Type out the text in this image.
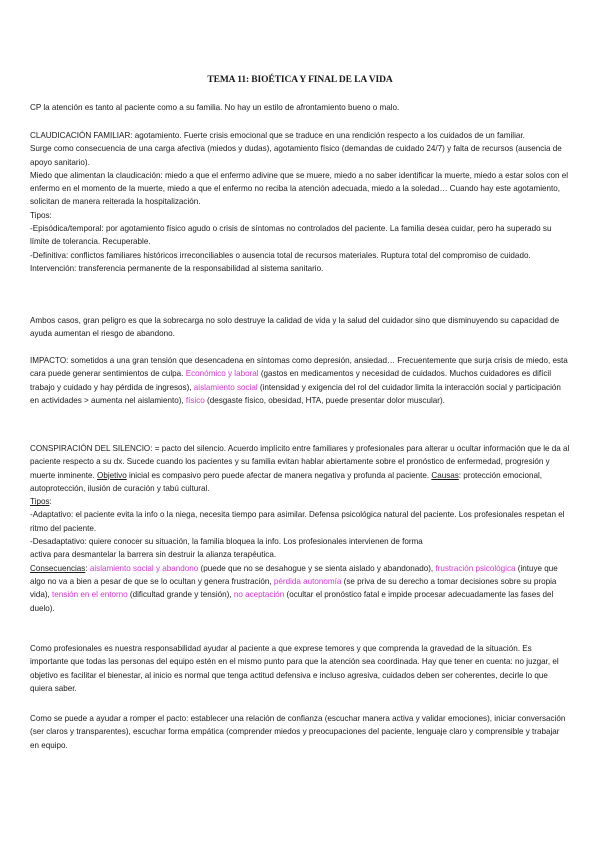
TEMA 11: BIOÉTICA Y FINAL DE LA VIDA
CP la atención es tanto al paciente como a su familia. No hay un estilo de afrontamiento bueno o malo.

CLAUDICACIÓN FAMILIAR: agotamiento. Fuerte crisis emocional que se traduce en una rendición respecto a los cuidados de un familiar.

Surge como consecuencia de una carga afectiva (miedos y dudas), agotamiento físico (demandas de cuidado 24/7) y falta de recursos (ausencia de apoyo sanitario).

Miedo que alimentan la claudicación: miedo a que el enfermo adivine que se muere, miedo a no saber identificar la muerte, miedo a estar solos con el enfermo en el momento de la muerte, miedo a que el enfermo no reciba la atención adecuada, miedo a la soledad… Cuando hay este agotamiento, solicitan de manera reiterada la hospitalización.

Tipos:

-Episódica/temporal: por agotamiento físico agudo o crisis de síntomas no controlados del paciente. La familia desea cuidar, pero ha superado su límite de tolerancia. Recuperable.

-Definitiva: conflictos familiares históricos irreconciliables o ausencia total de recursos materiales. Ruptura total del compromiso de cuidado. Intervención: transferencia permanente de la responsabilidad al sistema sanitario.

Ambos casos, gran peligro es que la sobrecarga no solo destruye la calidad de vida y la salud del cuidador sino que disminuyendo su capacidad de ayuda aumentan el riesgo de abandono.
IMPACTO: sometidos a una gran tensión que desencadena en síntomas como depresión, ansiedad… Frecuentemente que surja crisis de miedo, esta cara puede generar sentimientos de culpa. Económico y laboral (gastos en medicamentos y necesidad de cuidados. Muchos cuidadores es difícil trabajo y cuidado y hay pérdida de ingresos), aislamiento social (intensidad y exigencia del rol del cuidador limita la interacción social y participación en actividades > aumenta nel aislamiento), físico (desgaste físico, obesidad, HTA, puede presentar dolor muscular).

CONSPIRACIÓN DEL SILENCIO: = pacto del silencio. Acuerdo implícito entre familiares y profesionales para alterar u ocultar información que le da al paciente respecto a su dx. Sucede cuando los pacientes y su familia evitan hablar abiertamente sobre el pronóstico de enfermedad, progresión y muerte inminente. Objetivo inicial es compasivo pero puede afectar de manera negativa y profunda al paciente. Causas: protección emocional, autoprotección, ilusión de curación y tabú cultural.

Tipos:

-Adaptativo: el paciente evita la info o la niega, necesita tiempo para asimilar. Defensa psicológica natural del paciente. Los profesionales respetan el ritmo del paciente.

-Desadaptativo: quiere conocer su situación, la familia bloquea la info. Los profesionales intervienen de forma

activa para desmantelar la barrera sin destruir la alianza terapéutica.

Consecuencias: aislamiento social y abandono (puede que no se desahogue y se sienta aislado y abandonado), frustración psicológica (intuye que algo no va a bien a pesar de que se lo ocultan y genera frustración, pérdida autonomía (se priva de su derecho a tomar decisiones sobre su propia vida), tensión en el entorno (dificultad grande y tensión), no aceptación (ocultar el pronóstico fatal e impide procesar adecuadamente las fases del duelo).

Como profesionales es nuestra responsabilidad ayudar al paciente a que exprese temores y que comprenda la gravedad de la situación. Es importante que todas las personas del equipo estén en el mismo punto para que la atención sea coordinada. Hay que tener en cuenta: no juzgar, el objetivo es facilitar el bienestar, al inicio es normal que tenga actitud defensiva e incluso agresiva, cuidados deben ser coherentes, decirle lo que quiera saber.
Como se puede a ayudar a romper el pacto: establecer una relación de confianza (escuchar manera activa y validar emociones), iniciar conversación (ser claros y transparentes), escuchar forma empática (comprender miedos y preocupaciones del paciente, lenguaje claro y comprensible y trabajar en equipo.
